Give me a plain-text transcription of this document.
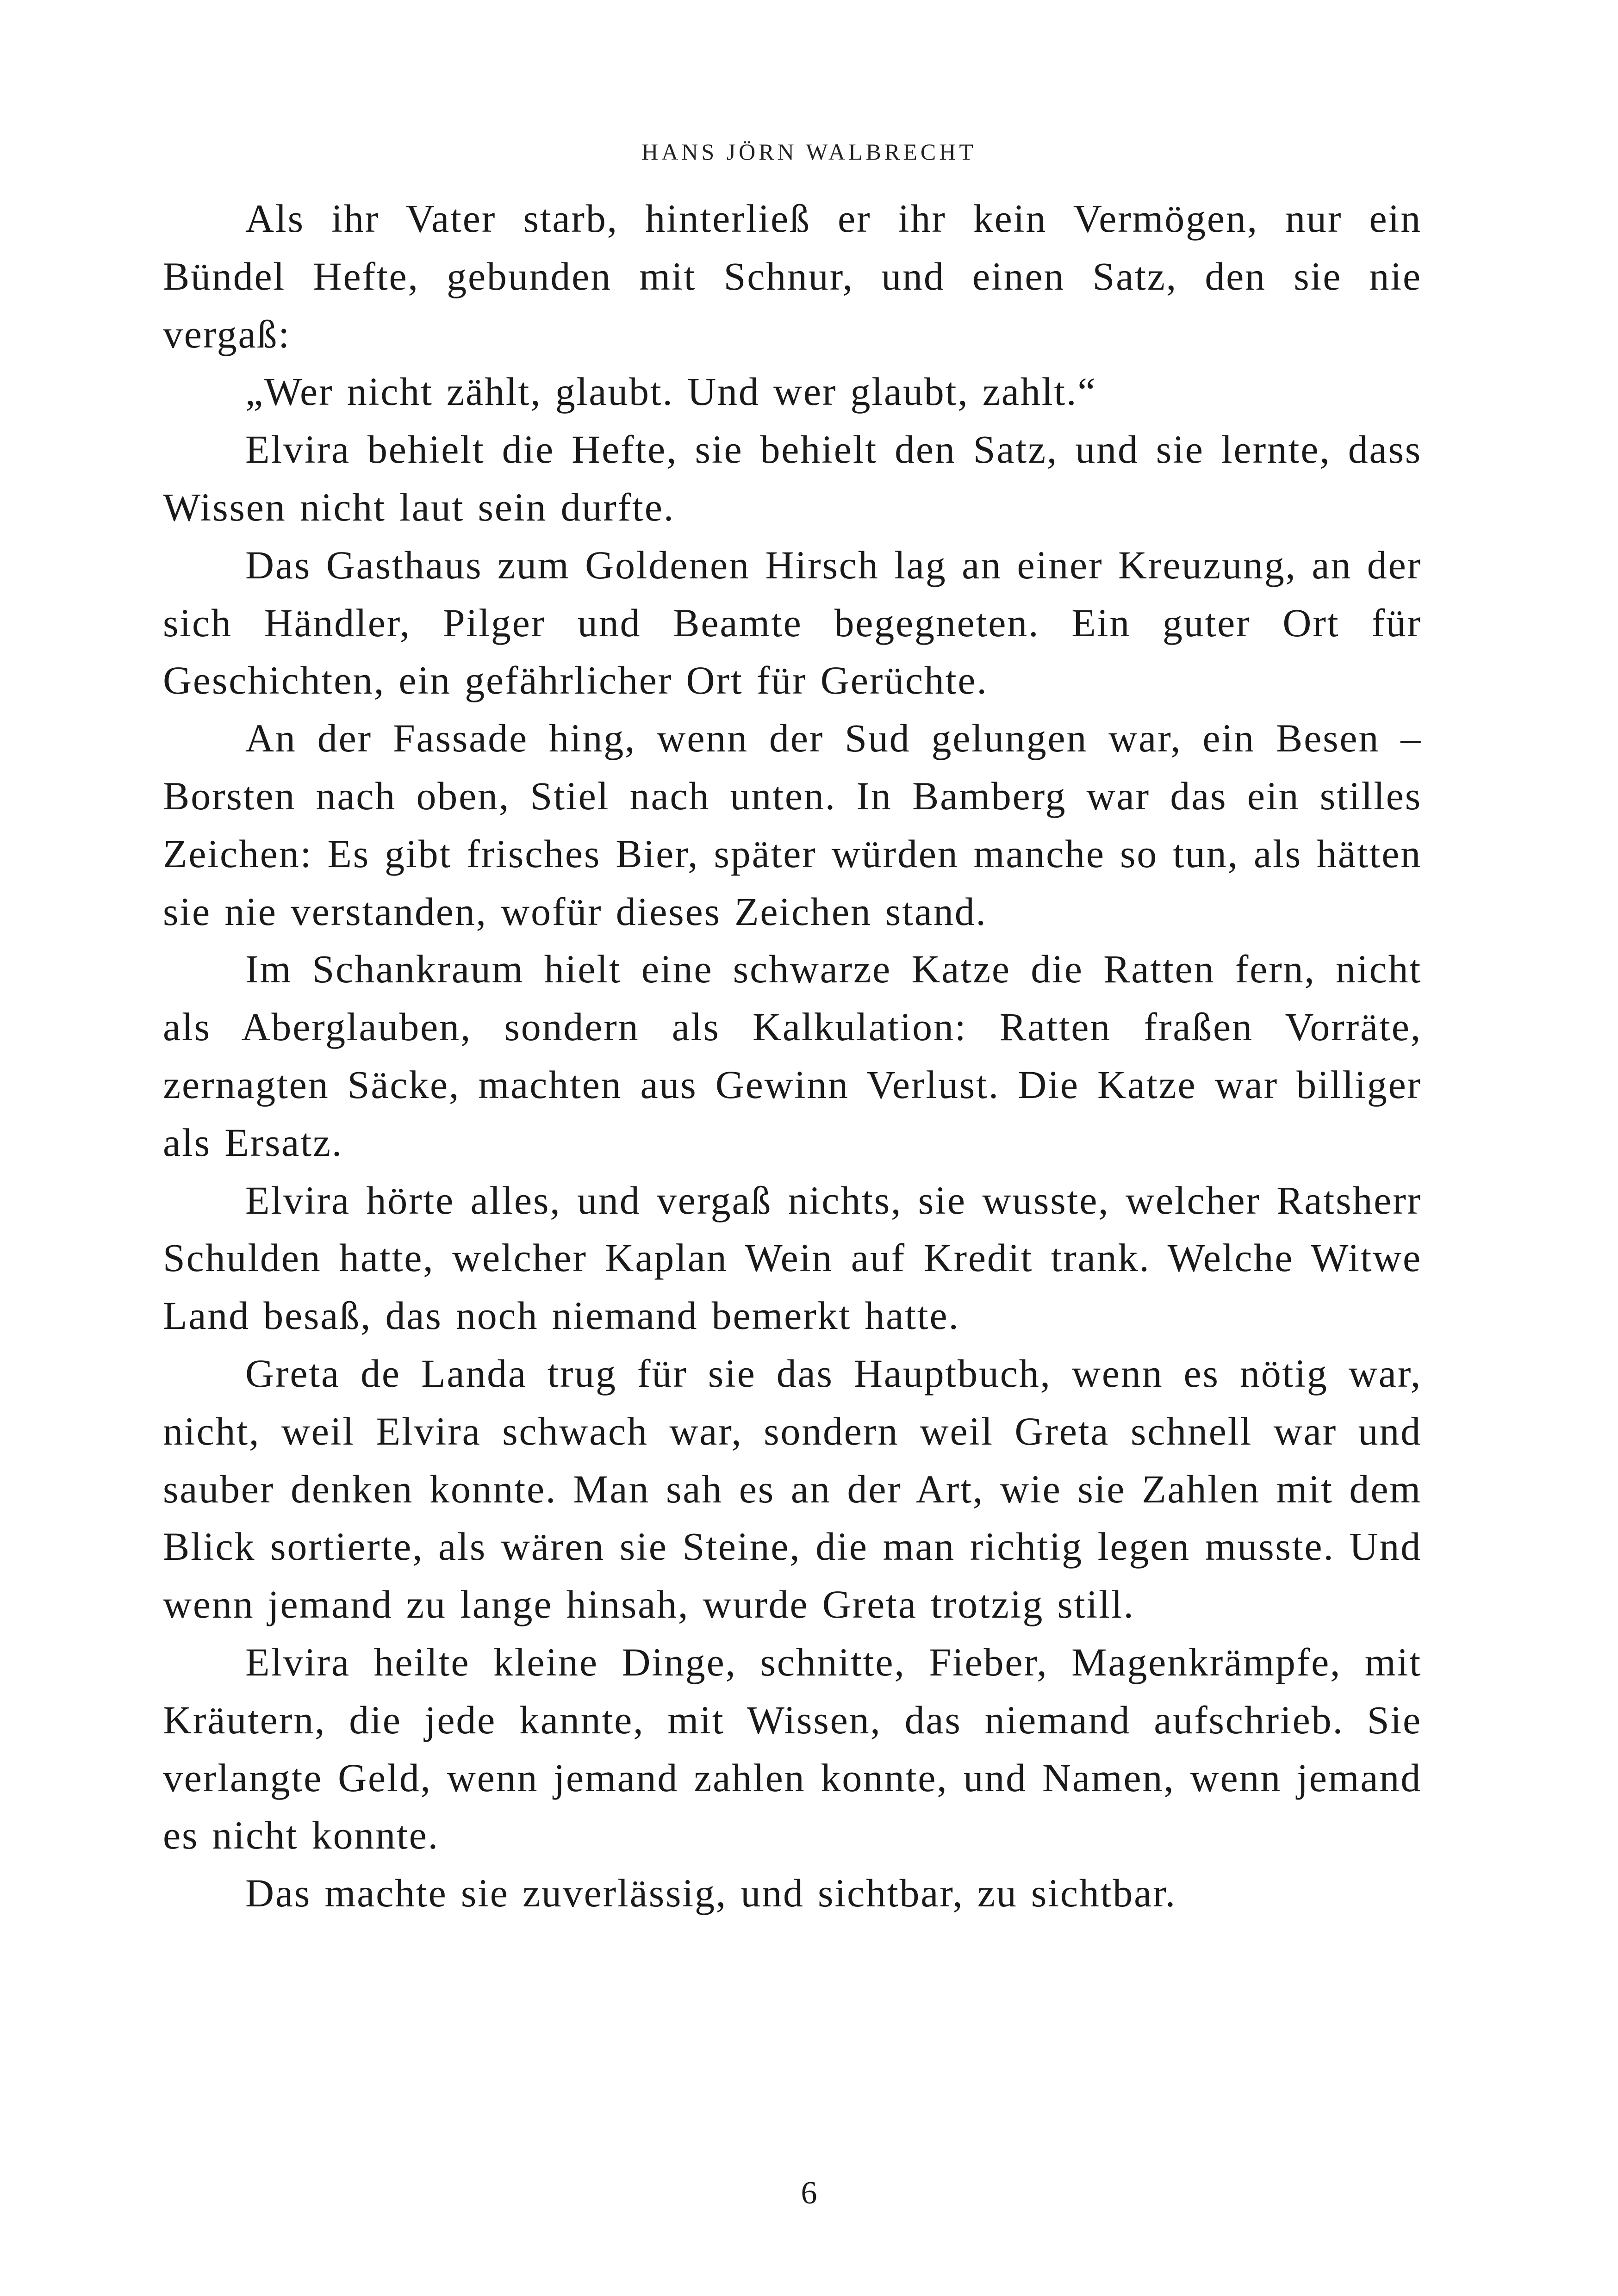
HANS JÖRN WALBRECHT

Als ihr Vater starb, hinterließ er ihr kein Vermögen, nur ein Bündel Hefte, gebunden mit Schnur, und einen Satz, den sie nie vergaß:

„Wer nicht zählt, glaubt. Und wer glaubt, zahlt.“

Elvira behielt die Hefte, sie behielt den Satz, und sie lernte, dass Wissen nicht laut sein durfte.

Das Gasthaus zum Goldenen Hirsch lag an einer Kreuzung, an der sich Händler, Pilger und Beamte begegneten. Ein guter Ort für Geschichten, ein gefährlicher Ort für Gerüchte.

An der Fassade hing, wenn der Sud gelungen war, ein Besen – Borsten nach oben, Stiel nach unten. In Bamberg war das ein stilles Zeichen: Es gibt frisches Bier, später würden manche so tun, als hätten sie nie verstanden, wofür dieses Zeichen stand.

Im Schankraum hielt eine schwarze Katze die Ratten fern, nicht als Aberglauben, sondern als Kalkulation: Ratten fraßen Vorräte, zernagten Säcke, machten aus Gewinn Verlust. Die Katze war billiger als Ersatz.

Elvira hörte alles, und vergaß nichts, sie wusste, welcher Ratsherr Schulden hatte, welcher Kaplan Wein auf Kredit trank. Welche Witwe Land besaß, das noch niemand bemerkt hatte.

Greta de Landa trug für sie das Hauptbuch, wenn es nötig war, nicht, weil Elvira schwach war, sondern weil Greta schnell war und sauber denken konnte. Man sah es an der Art, wie sie Zahlen mit dem Blick sortierte, als wären sie Steine, die man richtig legen musste. Und wenn jemand zu lange hinsah, wurde Greta trotzig still.

Elvira heilte kleine Dinge, schnitte, Fieber, Magenkrämpfe, mit Kräutern, die jede kannte, mit Wissen, das niemand aufschrieb. Sie verlangte Geld, wenn jemand zahlen konnte, und Namen, wenn jemand es nicht konnte.

Das machte sie zuverlässig, und sichtbar, zu sichtbar.

6
